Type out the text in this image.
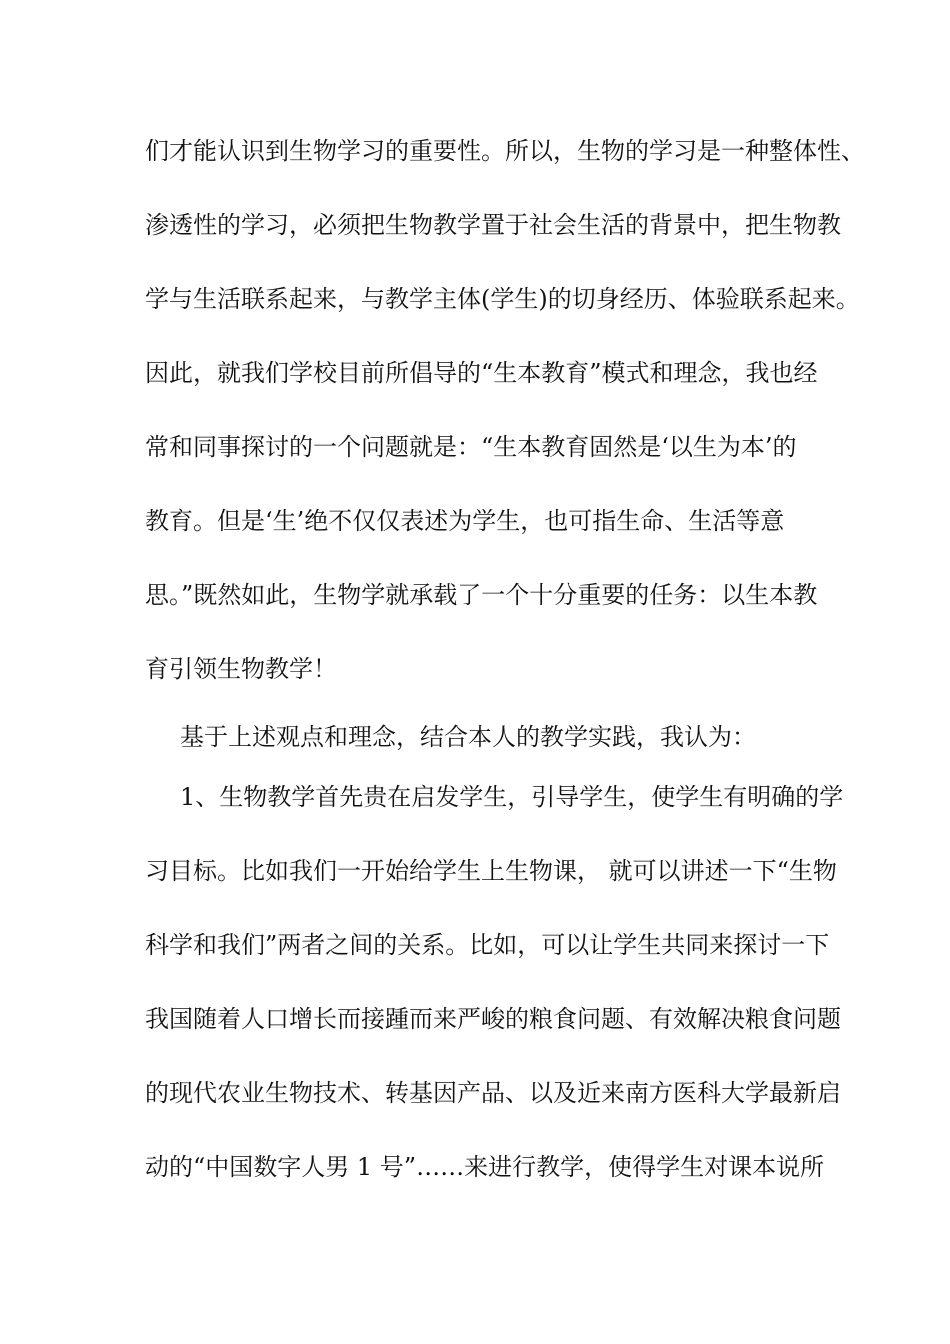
们才能认识到生物学习的重要性。所以，生物的学习是一种整体性、
渗透性的学习，必须把生物教学置于社会生活的背景中，把生物教
学与生活联系起来，与教学主体(学生)的切身经历、体验联系起来。
因此，就我们学校目前所倡导的“生本教育”模式和理念，我也经
常和同事探讨的一个问题就是：“生本教育固然是‘以生为本’的
教育。但是‘生’绝不仅仅表述为学生，也可指生命、生活等意
思。”既然如此，生物学就承载了一个十分重要的任务：以生本教
育引领生物教学！
基于上述观点和理念，结合本人的教学实践，我认为：
1、生物教学首先贵在启发学生，引导学生，使学生有明确的学
习目标。比如我们一开始给学生上生物课， 就可以讲述一下“生物
科学和我们”两者之间的关系。比如，可以让学生共同来探讨一下
我国随着人口增长而接踵而来严峻的粮食问题、有效解决粮食问题
的现代农业生物技术、转基因产品、以及近来南方医科大学最新启
动的“中国数字人男 1 号”……来进行教学，使得学生对课本说所
